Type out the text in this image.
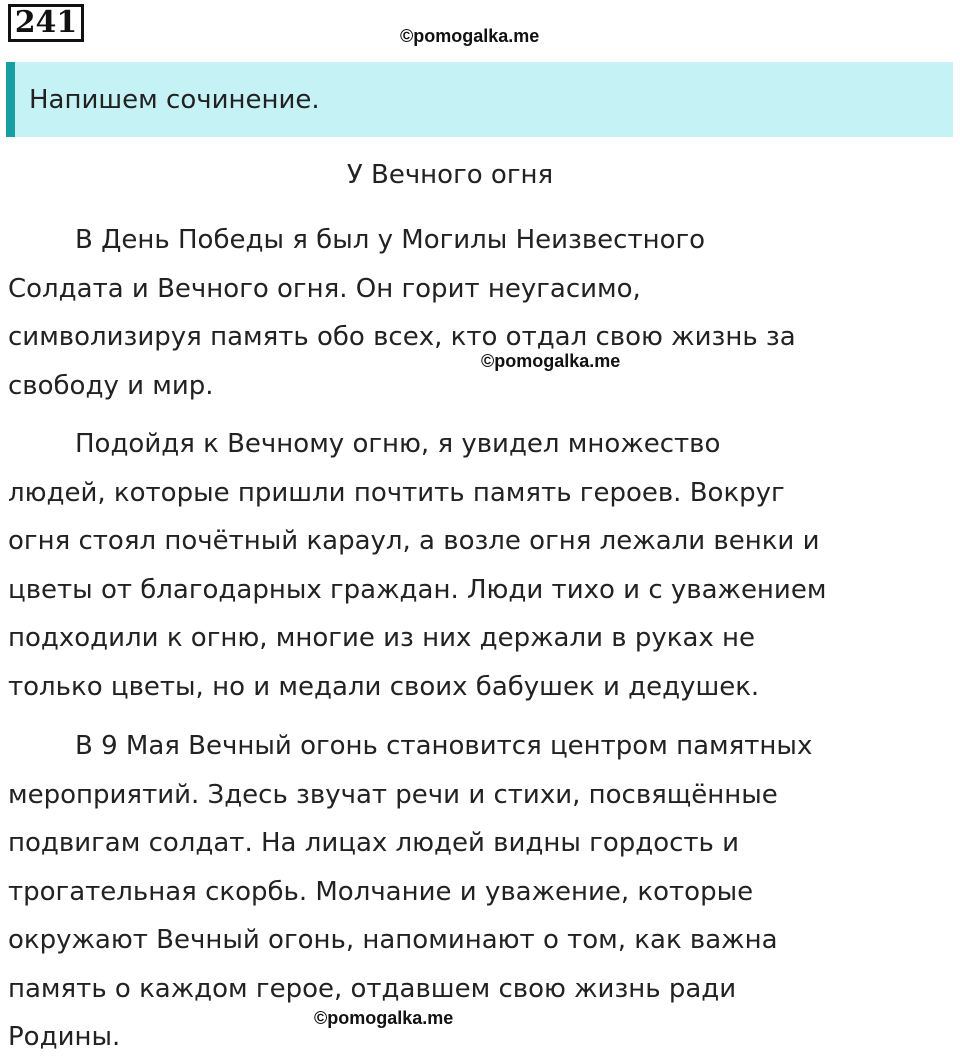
241	©pomogalka.me
Напишем сочинение.
У Вечного огня
В День Победы я был у Могилы Неизвестного
Солдата и Вечного огня. Он горит неугасимо,
символизируя память обо всех, кто отдал свою жизнь за
свободу и мир.
©pomogalka.me
Подойдя к Вечному огню, я увидел множество
людей, которые пришли почтить память героев. Вокруг
огня стоял почётный караул, а возле огня лежали венки и
цветы от благодарных граждан. Люди тихо и с уважением
подходили к огню, многие из них держали в руках не
только цветы, но и медали своих бабушек и дедушек.
В 9 Мая Вечный огонь становится центром памятных
мероприятий. Здесь звучат речи и стихи, посвящённые
подвигам солдат. На лицах людей видны гордость и
трогательная скорбь. Молчание и уважение, которые
окружают Вечный огонь, напоминают о том, как важна
память о каждом герое, отдавшем свою жизнь ради
Родины.
©pomogalka.me
